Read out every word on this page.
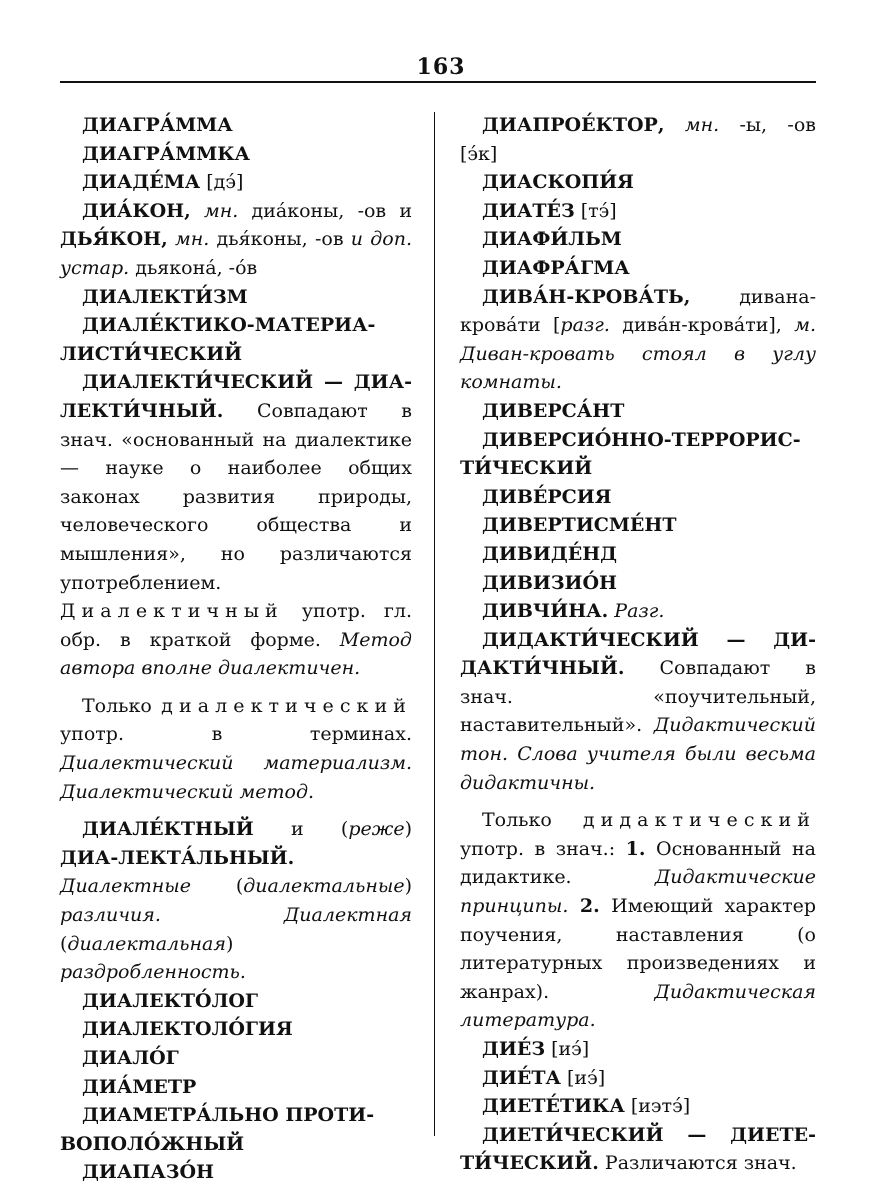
163

ДИАГРА́ММА

ДИАГРА́ММКА

ДИАДЕ́МА [дэ́]

ДИА́КОН, мн. диа́коны, -ов и ДЬЯ́КОН, мн. дья́коны, -ов и доп. устар. дьякона́, -о́в

ДИАЛЕКТИ́ЗМ

ДИАЛЕ́КТИКО-МАТЕРИА-

ЛИСТИ́ЧЕСКИЙ

ДИАЛЕКТИ́ЧЕСКИЙ — ДИА-ЛЕКТИ́ЧНЫЙ. Совпадают в знач. «основанный на диалектике — науке о наиболее общих законах развития природы, человеческого общества и мышления», но различаются употреблением. Диалектичный употр. гл. обр. в краткой форме. Метод автора вполне диалектичен.

Только диалектический употр. в терминах. Диалектический материализм. Диалектический метод.

ДИАЛЕ́КТНЫЙ и (реже) ДИА-ЛЕКТА́ЛЬНЫЙ. Диалектные (диалектальные) различия. Диалектная (диалектальная) раздробленность.

ДИАЛЕКТО́ЛОГ

ДИАЛЕКТОЛО́ГИЯ

ДИАЛО́Г

ДИА́МЕТР

ДИАМЕТРА́ЛЬНО ПРОТИ-

ВОПОЛО́ЖНЫЙ

ДИАПАЗО́Н

ДИАПРОЕ́КТОР, мн. -ы, -ов [э́к]

ДИАСКОПИ́Я

ДИАТЕ́З [тэ́]

ДИАФИ́ЛЬМ

ДИАФРА́ГМА

ДИВА́Н-КРОВА́ТЬ,	дивана-крова́ти [разг. дива́н-крова́ти], м. Диван-кровать стоял в углу комнаты.

ДИВЕРСА́НТ

ДИВЕРСИО́ННО-ТЕРРОРИС-

ТИ́ЧЕСКИЙ

ДИВЕ́РСИЯ

ДИВЕРТИСМЕ́НТ

ДИВИДЕ́НД

ДИВИЗИО́Н

ДИВЧИ́НА. Разг.

ДИДАКТИ́ЧЕСКИЙ — ДИ-ДАКТИ́ЧНЫЙ. Совпадают в знач. «поучительный, наставительный». Дидактический тон. Слова учителя были весьма дидактичны.

Только дидактический употр. в знач.: 1. Основанный на дидактике.	Дидактические принципы. 2. Имеющий характер поучения, наставления (о литературных произведениях и жанрах).	Дидактическая литература.

ДИЕ́З [иэ́]

ДИЕ́ТА [иэ́]

ДИЕТЕ́ТИКА [иэтэ́]

ДИЕТИ́ЧЕСКИЙ — ДИЕТЕ-ТИ́ЧЕСКИЙ. Различаются знач.
